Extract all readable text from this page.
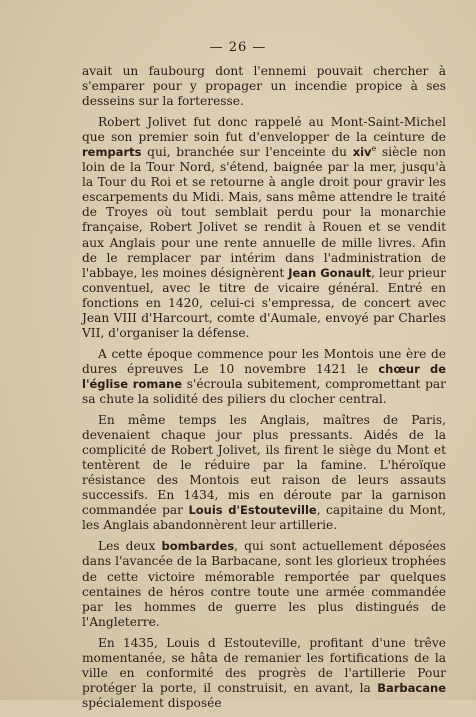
— 26 —

avait un faubourg dont l'ennemi pouvait chercher à s'emparer pour y propager un incendie propice à ses desseins sur la forteresse.

Robert Jolivet fut donc rappelé au Mont-Saint-Michel que son premier soin fut d'envelopper de la ceinture de remparts qui, branchée sur l'enceinte du xiv$^e$ siècle non loin de la Tour Nord, s'étend, baignée par la mer, jusqu'à la Tour du Roi et se retourne à angle droit pour gravir les escarpements du Midi. Mais, sans même attendre le traité de Troyes où tout semblait perdu pour la monarchie française, Robert Jolivet se rendit à Rouen et se vendit aux Anglais pour une rente annuelle de mille livres. Afin de le remplacer par intérim dans l'administration de l'abbaye, les moines désignèrent Jean Gonault, leur prieur conventuel, avec le titre de vicaire général. Entré en fonctions en 1420, celui-ci s'empressa, de concert avec Jean VIII d'Harcourt, comte d'Aumale, envoyé par Charles VII, d'organiser la défense.

A cette époque commence pour les Montois une ère de dures épreuves Le 10 novembre 1421 le chœur de l'église romane s'écroula subitement, compromettant par sa chute la solidité des piliers du clocher central.

En même temps les Anglais, maîtres de Paris, devenaient chaque jour plus pressants. Aidés de la complicité de Robert Jolivet, ils firent le siège du Mont et tentèrent de le réduire par la famine. L'héroïque résistance des Montois eut raison de leurs assauts successifs. En 1434, mis en déroute par la garnison commandée par Louis d'Estouteville, capitaine du Mont, les Anglais abandonnèrent leur artillerie.

Les deux bombardes, qui sont actuellement déposées dans l'avancée de la Barbacane, sont les glorieux trophées de cette victoire mémorable remportée par quelques centaines de héros contre toute une armée commandée par les hommes de guerre les plus distingués de l'Angleterre.

En 1435, Louis d Estouteville, profitant d'une trêve momentanée, se hâta de remanier les fortifications de la ville en conformité des progrès de l'artillerie Pour protéger la porte, il construisit, en avant, la Barbacane spécialement disposée
